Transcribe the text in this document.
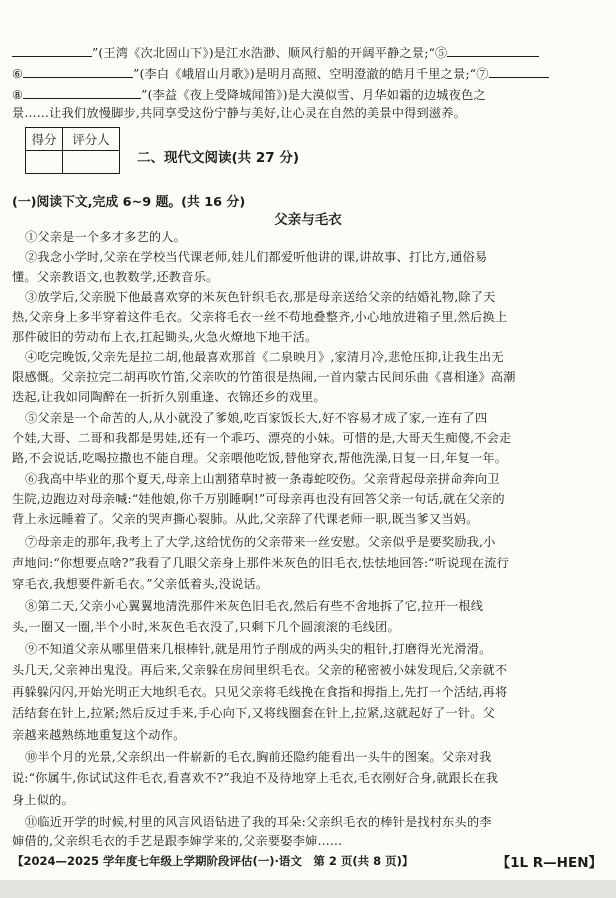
”(王湾《次北固山下》)是江水浩渺、顺风行船的开阔平静之景;“⑤
⑥	”(李白《峨眉山月歌》)是明月高照、空明澄澈的皓月千里之景;“⑦
⑧	”(李益《夜上受降城闻笛》)是大漠似雪、月华如霜的边城夜色之
景……让我们放慢脚步,共同享受这份宁静与美好,让心灵在自然的美景中得到滋养。
得分	评分人

二、现代文阅读(共 27 分)
(一)阅读下文,完成 6~9 题。(共 16 分)
父亲与毛衣
①父亲是一个多才多艺的人。
②我念小学时,父亲在学校当代课老师,娃儿们都爱听他讲的课,讲故事、打比方,通俗易
懂。父亲教语文,也教数学,还教音乐。
③放学后,父亲脱下他最喜欢穿的米灰色针织毛衣,那是母亲送给父亲的结婚礼物,除了天
热,父亲身上多半穿着这件毛衣。父亲将毛衣一丝不苟地叠整齐,小心地放进箱子里,然后换上
那件破旧的劳动布上衣,扛起锄头,火急火燎地下地干活。
④吃完晚饭,父亲先是拉二胡,他最喜欢那首《二泉映月》,家清月冷,悲怆压抑,让我生出无
限感慨。父亲拉完二胡再吹竹笛,父亲吹的竹笛很是热闹,一首内蒙古民间乐曲《喜相逢》高潮
迭起,让我如同陶醉在一折折久别重逢、衣锦还乡的戏里。
⑤父亲是一个命苦的人,从小就没了爹娘,吃百家饭长大,好不容易才成了家,一连有了四
个娃,大哥、二哥和我都是男娃,还有一个乖巧、漂亮的小妹。可惜的是,大哥天生痴傻,不会走
路,不会说话,吃喝拉撒也不能自理。父亲喂他吃饭,替他穿衣,帮他洗澡,日复一日,年复一年。
⑥我高中毕业的那个夏天,母亲上山割猪草时被一条毒蛇咬伤。父亲背起母亲拼命奔向卫
生院,边跑边对母亲喊:“娃他娘,你千万别睡啊!”可母亲再也没有回答父亲一句话,就在父亲的
背上永远睡着了。父亲的哭声撕心裂肺。从此,父亲辞了代课老师一职,既当爹又当妈。
⑦母亲走的那年,我考上了大学,这给忧伤的父亲带来一丝安慰。父亲似乎是要奖励我,小
声地问:“你想要点啥?”我看了几眼父亲身上那件米灰色的旧毛衣,怯怯地回答:“听说现在流行
穿毛衣,我想要件新毛衣。”父亲低着头,没说话。
⑧第二天,父亲小心翼翼地清洗那件米灰色旧毛衣,然后有些不舍地拆了它,拉开一根线
头,一圈又一圈,半个小时,米灰色毛衣没了,只剩下几个圆滚滚的毛线团。
⑨不知道父亲从哪里借来几根棒针,就是用竹子削成的两头尖的粗针,打磨得光光滑滑。
头几天,父亲神出鬼没。再后来,父亲躲在房间里织毛衣。父亲的秘密被小妹发现后,父亲就不
再躲躲闪闪,开始光明正大地织毛衣。只见父亲将毛线挽在食指和拇指上,先打一个活结,再将
活结套在针上,拉紧;然后反过手来,手心向下,又将线圈套在针上,拉紧,这就起好了一针。父
亲越来越熟练地重复这个动作。
⑩半个月的光景,父亲织出一件崭新的毛衣,胸前还隐约能看出一头牛的图案。父亲对我
说:“你属牛,你试试这件毛衣,看喜欢不?”我迫不及待地穿上毛衣,毛衣刚好合身,就跟长在我
身上似的。
⑪临近开学的时候,村里的风言风语钻进了我的耳朵:父亲织毛衣的棒针是找村东头的李
婶借的,父亲织毛衣的手艺是跟李婶学来的,父亲要娶李婶……
【2024—2025 学年度七年级上学期阶段评估(一)·语文　第 2 页(共 8 页)】	【1L R—HEN】
